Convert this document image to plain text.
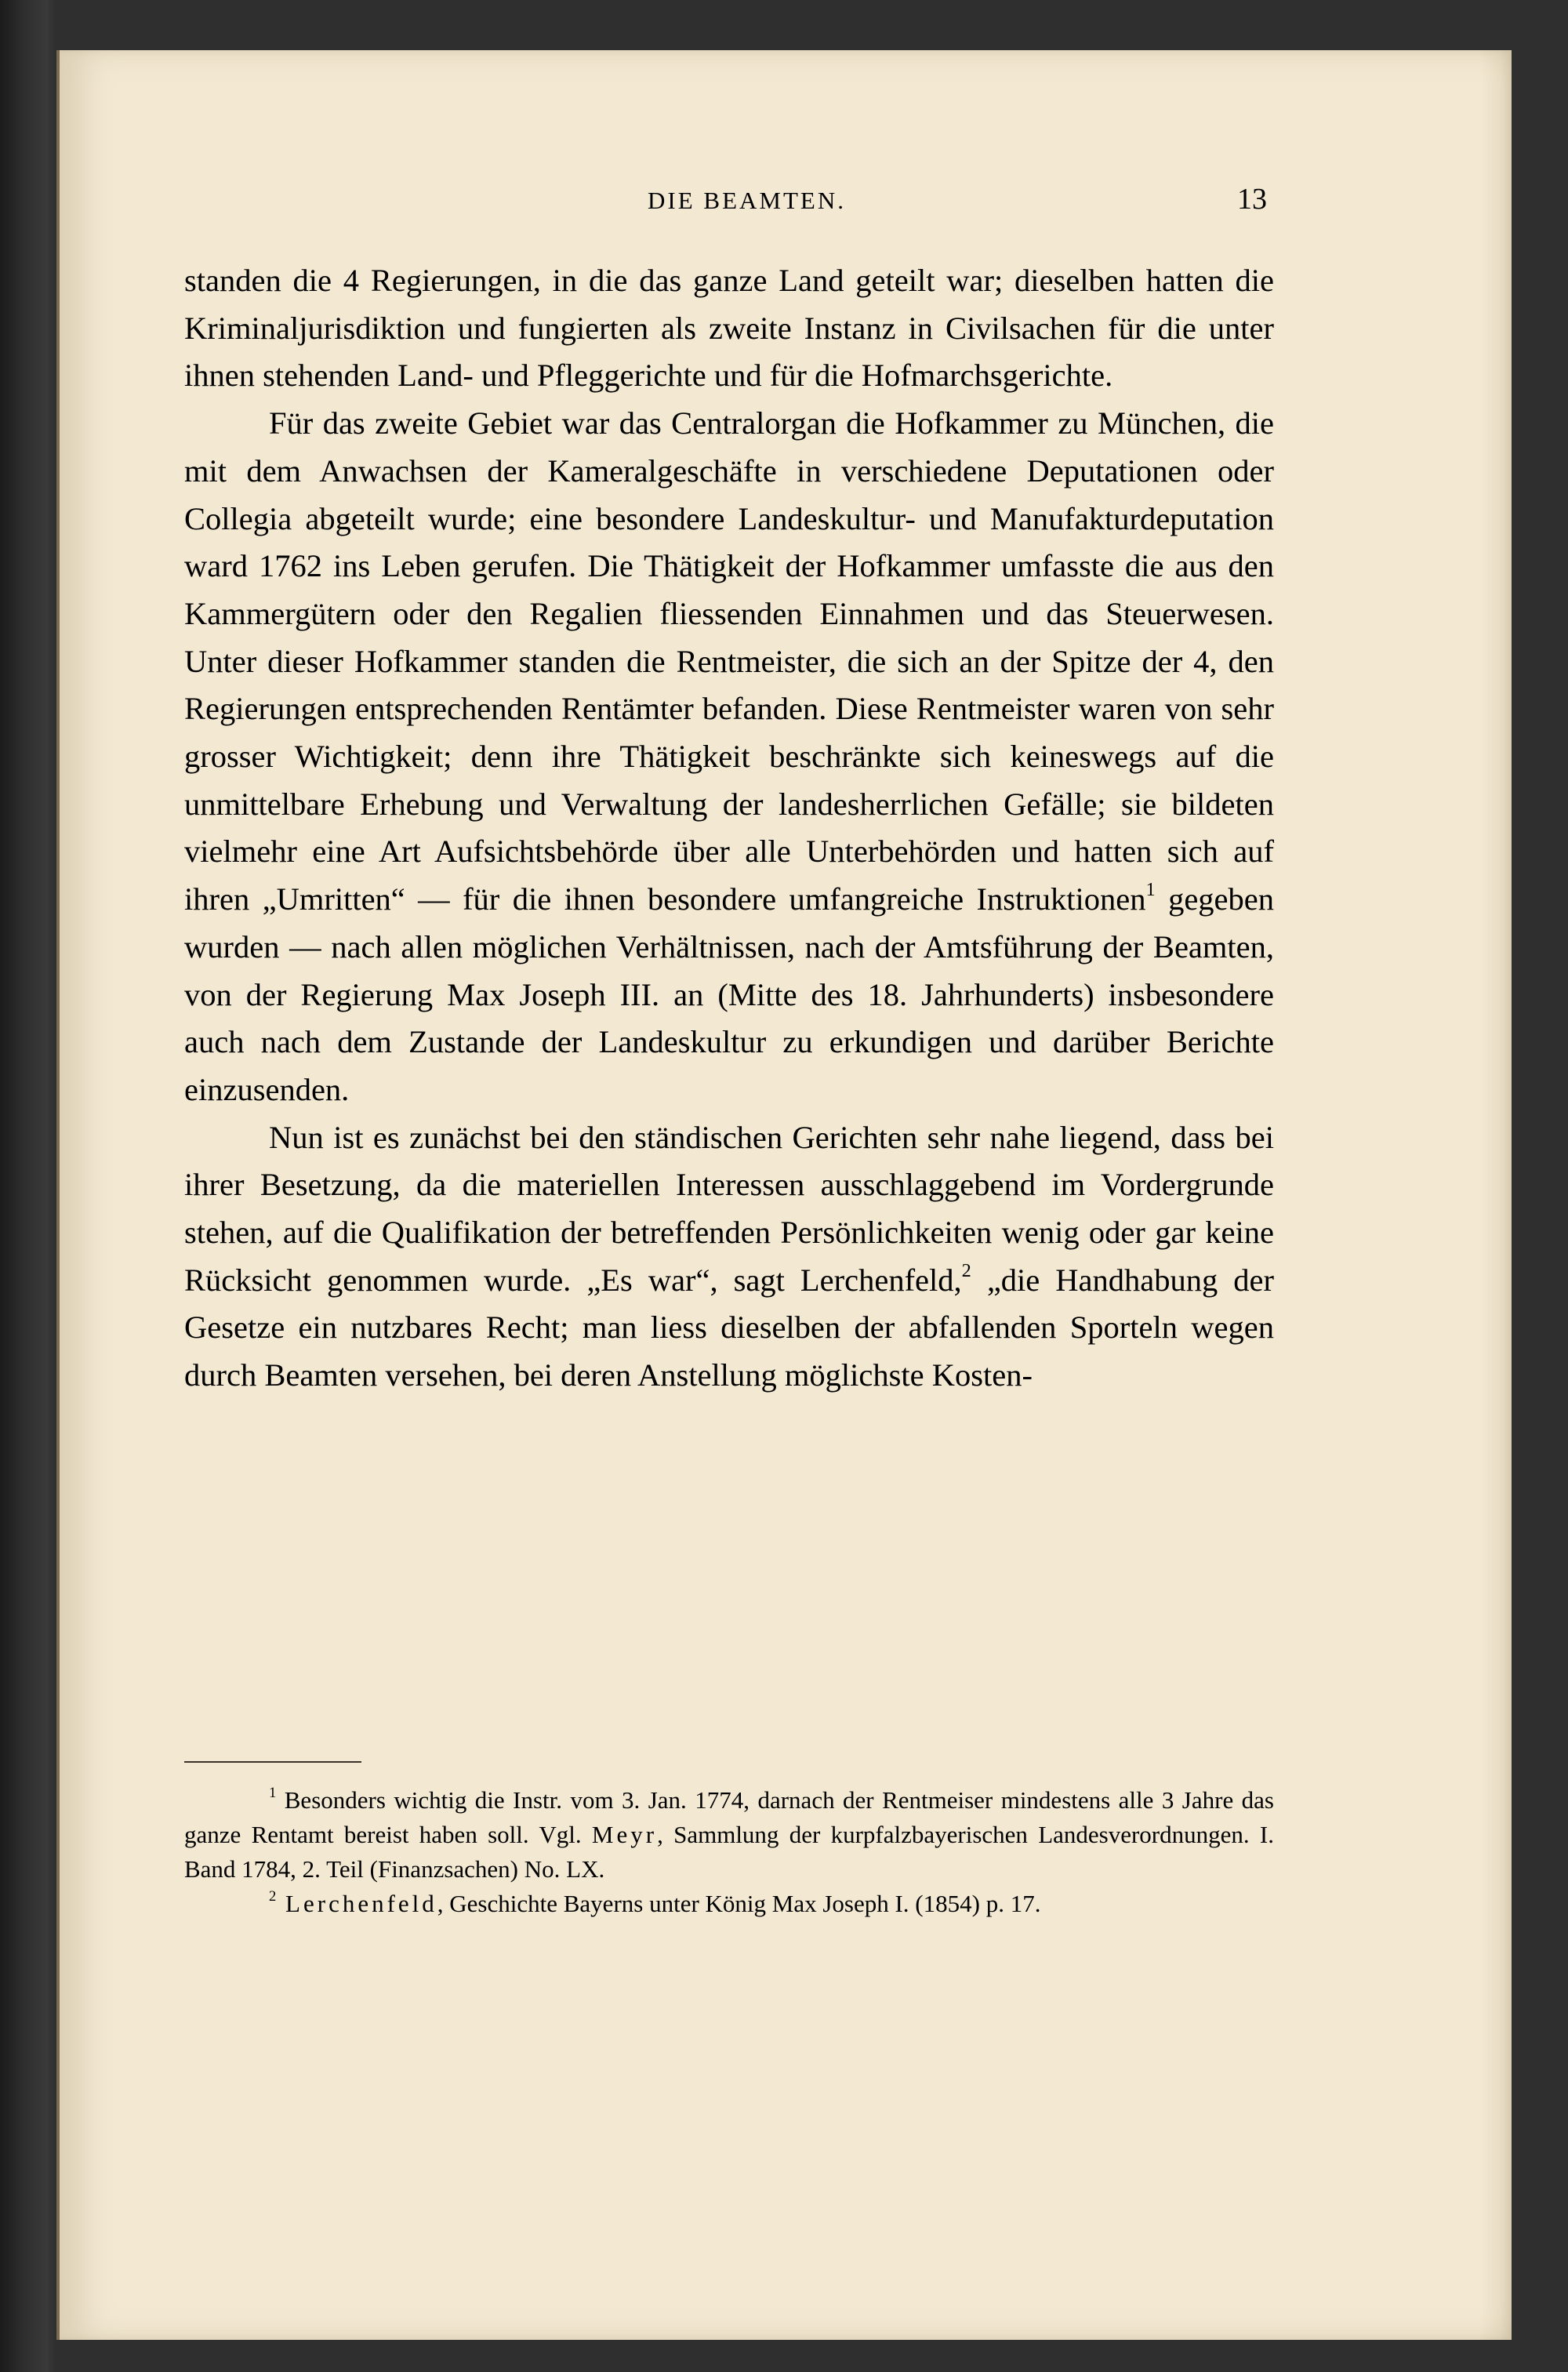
DIE BEAMTEN.	13

standen die 4 Regierungen, in die das ganze Land geteilt war; dieselben hatten die Kriminaljurisdiktion und fungierten als zweite Instanz in Civilsachen für die unter ihnen stehenden Land- und Pfleggerichte und für die Hofmarchsgerichte.

Für das zweite Gebiet war das Centralorgan die Hofkammer zu München, die mit dem Anwachsen der Kameralgeschäfte in verschiedene Deputationen oder Collegia abgeteilt wurde; eine besondere Landeskultur- und Manufakturdeputation ward 1762 ins Leben gerufen. Die Thätigkeit der Hofkammer umfasste die aus den Kammergütern oder den Regalien fliessenden Einnahmen und das Steuerwesen. Unter dieser Hofkammer standen die Rentmeister, die sich an der Spitze der 4, den Regierungen entsprechenden Rentämter befanden. Diese Rentmeister waren von sehr grosser Wichtigkeit; denn ihre Thätigkeit beschränkte sich keineswegs auf die unmittelbare Erhebung und Verwaltung der landesherrlichen Gefälle; sie bildeten vielmehr eine Art Aufsichtsbehörde über alle Unterbehörden und hatten sich auf ihren „Umritten“ — für die ihnen besondere umfangreiche Instruktionen$^1$ gegeben wurden — nach allen möglichen Verhältnissen, nach der Amtsführung der Beamten, von der Regierung Max Joseph III. an (Mitte des 18. Jahrhunderts) insbesondere auch nach dem Zustande der Landeskultur zu erkundigen und darüber Berichte einzusenden.

Nun ist es zunächst bei den ständischen Gerichten sehr nahe liegend, dass bei ihrer Besetzung, da die materiellen Interessen ausschlaggebend im Vordergrunde stehen, auf die Qualifikation der betreffenden Persönlichkeiten wenig oder gar keine Rücksicht genommen wurde. „Es war“, sagt Lerchenfeld,$^2$ „die Handhabung der Gesetze ein nutzbares Recht; man liess dieselben der abfallenden Sporteln wegen durch Beamten versehen, bei deren Anstellung möglichste Kosten-

$^1$ Besonders wichtig die Instr. vom 3. Jan. 1774, darnach der Rentmeiser mindestens alle 3 Jahre das ganze Rentamt bereist haben soll. Vgl. Meyr, Sammlung der kurpfalzbayerischen Landesverordnungen. I. Band 1784, 2. Teil (Finanzsachen) No. LX.

$^2$ Lerchenfeld, Geschichte Bayerns unter König Max Joseph I. (1854) p. 17.
